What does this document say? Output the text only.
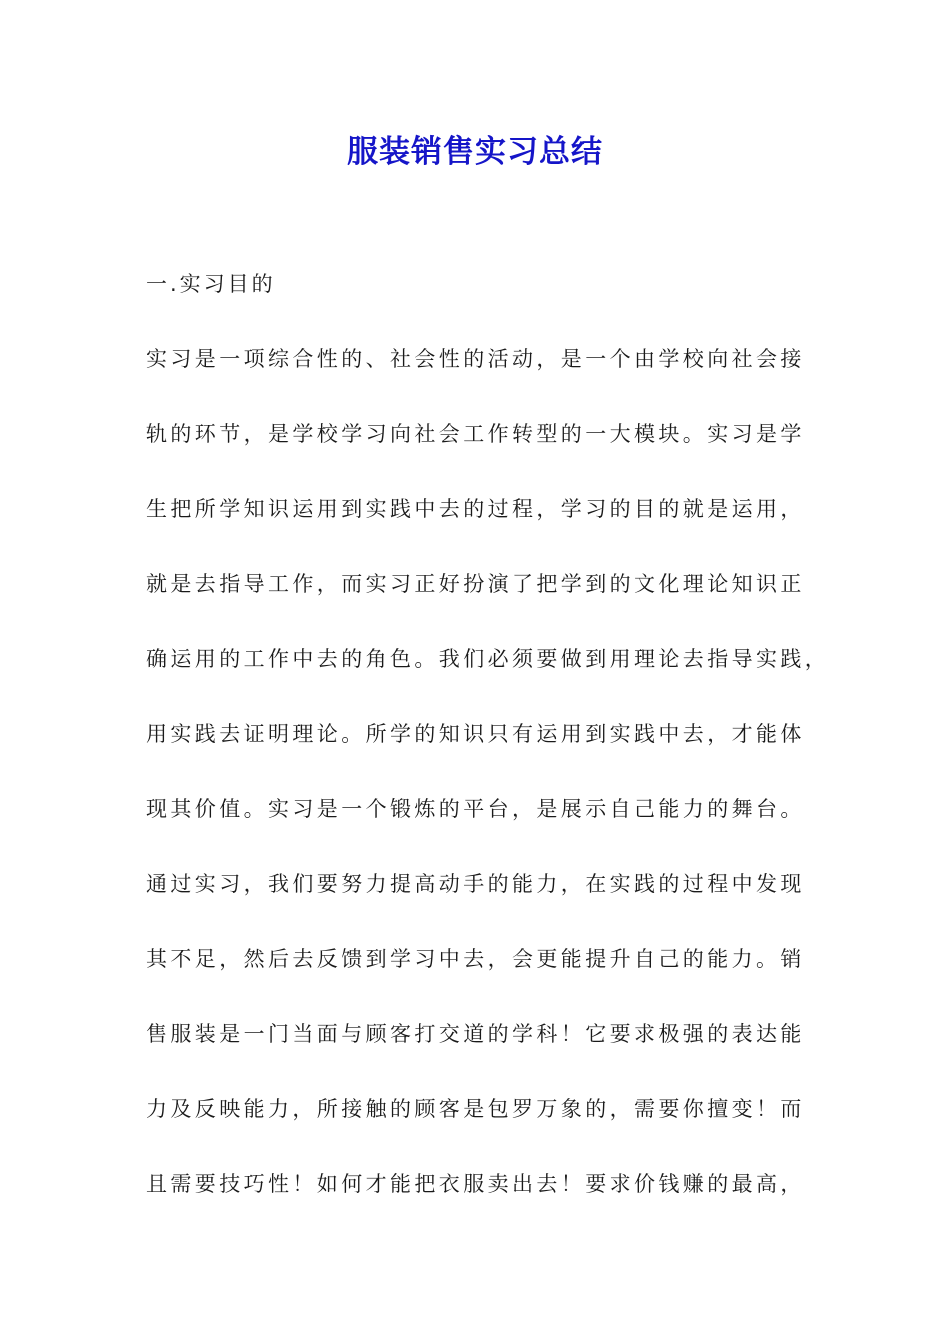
服装销售实习总结
一.实习目的
实习是一项综合性的、社会性的活动，是一个由学校向社会接
轨的环节，是学校学习向社会工作转型的一大模块。实习是学
生把所学知识运用到实践中去的过程，学习的目的就是运用，
就是去指导工作，而实习正好扮演了把学到的文化理论知识正
确运用的工作中去的角色。我们必须要做到用理论去指导实践，
用实践去证明理论。所学的知识只有运用到实践中去，才能体
现其价值。实习是一个锻炼的平台，是展示自己能力的舞台。
通过实习，我们要努力提高动手的能力，在实践的过程中发现
其不足，然后去反馈到学习中去，会更能提升自己的能力。销
售服装是一门当面与顾客打交道的学科！它要求极强的表达能
力及反映能力，所接触的顾客是包罗万象的，需要你擅变！而
且需要技巧性！如何才能把衣服卖出去！要求价钱赚的最高，
